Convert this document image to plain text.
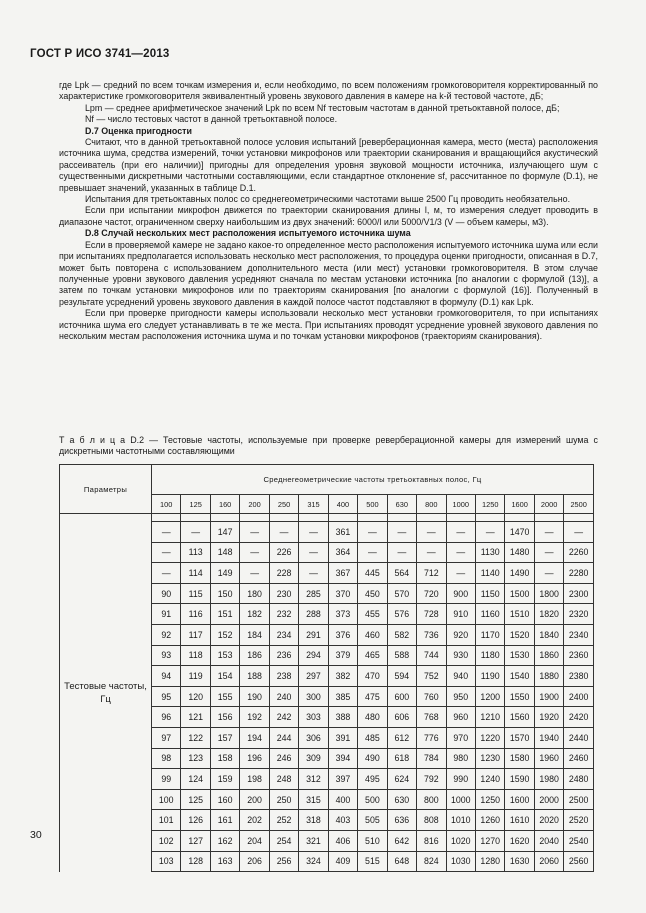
ГОСТ Р ИСО 3741—2013

где Lpk — средний по всем точкам измерения и, если необходимо, по всем положениям громкоговорителя корректированный по характеристике громкоговорителя эквивалентный уровень звукового давления в камере на k-й тестовой частоте, дБ;

Lpm — среднее арифметическое значений Lpk по всем Nf тестовым частотам в данной третьоктавной полосе, дБ;

Nf — число тестовых частот в данной третьоктавной полосе.

D.7 Оценка пригодности

Считают, что в данной третьоктавной полосе условия испытаний [реверберационная камера, место (места) расположения источника шума, средства измерений, точки установки микрофонов или траектории сканирования и вращающийся акустический рассеиватель (при его наличии)] пригодны для определения уровня звуковой мощности источника, излучающего шум с существенными дискретными частотными составляющими, если стандартное отклонение sf, рассчитанное по формуле (D.1), не превышает значений, указанных в таблице D.1.

Испытания для третьоктавных полос со среднегеометрическими частотами выше 2500 Гц проводить необязательно.

Если при испытании микрофон движется по траектории сканирования длины l, м, то измерения следует проводить в диапазоне частот, ограниченном сверху наибольшим из двух значений: 6000/l или 5000/V1/3 (V — объем камеры, м3).

D.8 Случай нескольких мест расположения испытуемого источника шума

Если в проверяемой камере не задано какое-то определенное место расположения испытуемого источника шума или если при испытаниях предполагается использовать несколько мест расположения, то процедура оценки пригодности, описанная в D.7, может быть повторена с использованием дополнительного места (или мест) установки громкоговорителя. В этом случае полученные уровни звукового давления усредняют сначала по местам установки источника [по аналогии с формулой (13)], а затем по точкам установки микрофонов или по траекториям сканирования [по аналогии с формулой (16)]. Полученный в результате усреднений уровень звукового давления в каждой полосе частот подставляют в формулу (D.1) как Lpk.

Если при проверке пригодности камеры использовали несколько мест установки громкоговорителя, то при испытаниях источника шума его следует устанавливать в те же места. При испытаниях проводят усреднение уровней звукового давления по нескольким местам расположения источника шума и по точкам установки микрофонов (траекториям сканирования).

Т а б л и ц а D.2 — Тестовые частоты, используемые при проверке реверберационной камеры для измерений шума с дискретными частотными составляющими
Параметры	Среднегеометрические частоты третьоктавных полос, Гц														
	100	125	160	200	250	315	400	500	630	800	1000	1250	1600	2000	2500
Тестовые частоты, Гц															
	—	—	147	—	—	—	361	—	—	—	—	—	1470	—	—
	—	113	148	—	226	—	364	—	—	—	—	1130	1480	—	2260
	—	114	149	—	228	—	367	445	564	712	—	1140	1490	—	2280
	90	115	150	180	230	285	370	450	570	720	900	1150	1500	1800	2300
	91	116	151	182	232	288	373	455	576	728	910	1160	1510	1820	2320
	92	117	152	184	234	291	376	460	582	736	920	1170	1520	1840	2340
	93	118	153	186	236	294	379	465	588	744	930	1180	1530	1860	2360
	94	119	154	188	238	297	382	470	594	752	940	1190	1540	1880	2380
	95	120	155	190	240	300	385	475	600	760	950	1200	1550	1900	2400
	96	121	156	192	242	303	388	480	606	768	960	1210	1560	1920	2420
	97	122	157	194	244	306	391	485	612	776	970	1220	1570	1940	2440
	98	123	158	196	246	309	394	490	618	784	980	1230	1580	1960	2460
	99	124	159	198	248	312	397	495	624	792	990	1240	1590	1980	2480
	100	125	160	200	250	315	400	500	630	800	1000	1250	1600	2000	2500
	101	126	161	202	252	318	403	505	636	808	1010	1260	1610	2020	2520
	102	127	162	204	254	321	406	510	642	816	1020	1270	1620	2040	2540
	103	128	163	206	256	324	409	515	648	824	1030	1280	1630	2060	2560
30
